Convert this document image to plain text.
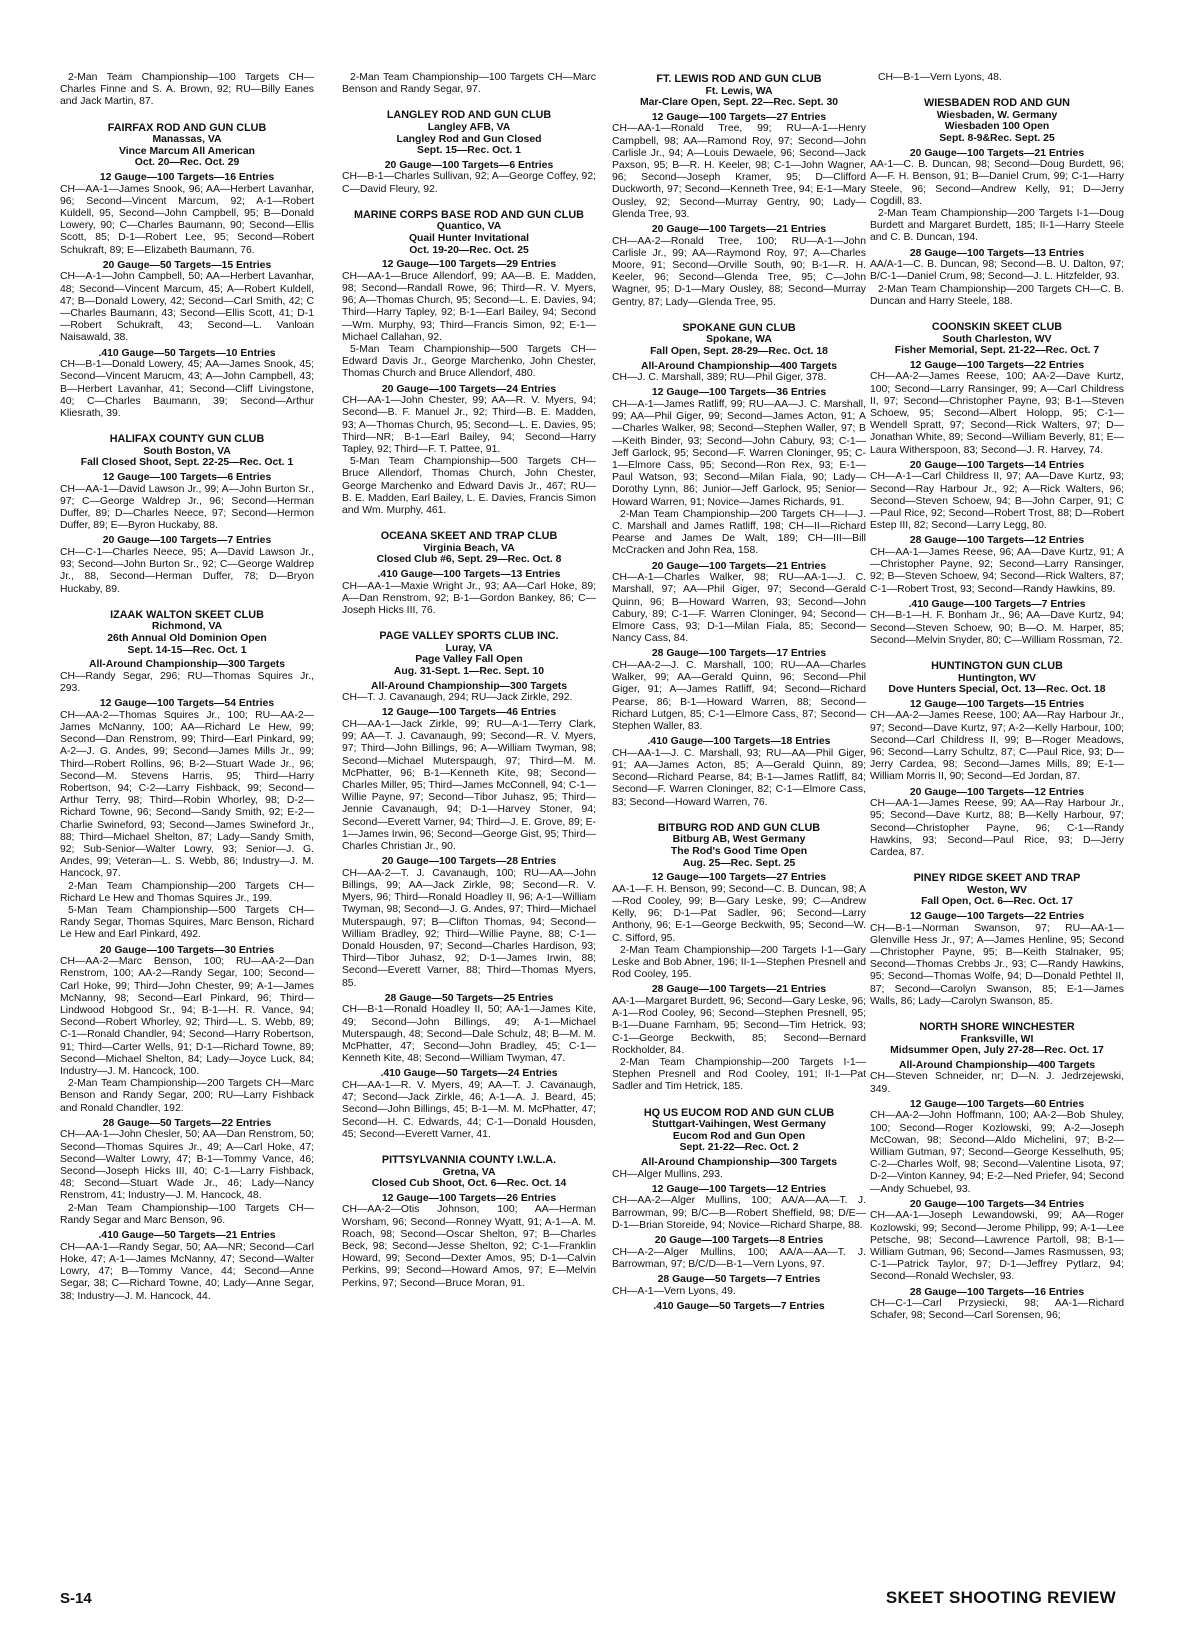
2-Man Team Championship—100 Targets CH—Charles Finne and S. A. Brown, 92; RU—Billy Eanes and Jack Martin, 87.
FAIRFAX ROD AND GUN CLUB
Manassas, VA
Vince Marcum All American
Oct. 20—Rec. Oct. 29
12 Gauge—100 Targets—16 Entries
CH—AA-1—James Snook, 96; AA—Herbert Lavanhar, 96; Second—Vincent Marcum, 92; A-1—Robert Kuldell, 95, Second—John Campbell, 95; B—Donald Lowery, 90; C—Charles Baumann, 90; Second—Ellis Scott, 85; D-1—Robert Lee, 95; Second—Robert Schukraft, 89; E—Elizabeth Baumann, 76.
20 Gauge—50 Targets—15 Entries
CH—A-1—John Campbell, 50; AA—Herbert Lavanhar, 48; Second—Vincent Marcum, 45; A—Robert Kuldell, 47; B—Donald Lowery, 42; Second—Carl Smith, 42; C—Charles Baumann, 43; Second—Ellis Scott, 41; D-1—Robert Schukraft, 43; Second—L. Vanloan Naisawald, 38.
.410 Gauge—50 Targets—10 Entries
CH—B-1—Donald Lowery, 45; AA—James Snook, 45; Second—Vincent Marucm, 43; A—John Campbell, 43; B—Herbert Lavanhar, 41; Second—Cliff Livingstone, 40; C—Charles Baumann, 39; Second—Arthur Kliesrath, 39.
HALIFAX COUNTY GUN CLUB
South Boston, VA
Fall Closed Shoot, Sept. 22-25—Rec. Oct. 1
12 Gauge—100 Targets—6 Entries
CH—AA-1—David Lawson Jr., 99; A—John Burton Sr., 97; C—George Waldrep Jr., 96; Second—Herman Duffer, 89; D—Charles Neece, 97; Second—Hermon Duffer, 89; E—Byron Huckaby, 88.
20 Gauge—100 Targets—7 Entries
CH—C-1—Charles Neece, 95; A—David Lawson Jr., 93; Second—John Burton Sr., 92; C—George Waldrep Jr., 88, Second—Herman Duffer, 78; D—Bryon Huckaby, 89.
IZAAK WALTON SKEET CLUB
Richmond, VA
26th Annual Old Dominion Open
Sept. 14-15—Rec. Oct. 1
All-Around Championship—300 Targets
CH—Randy Segar, 296; RU—Thomas Squires Jr., 293.
12 Gauge—100 Targets—54 Entries
CH—AA-2—Thomas Squires Jr., 100; RU—AA-2—James McNanny, 100; AA—Richard Le Hew, 99; Second—Dan Renstrom, 99; Third—Earl Pinkard, 99; A-2—J. G. Andes, 99; Second—James Mills Jr., 99; Third—Robert Rollins, 96; B-2—Stuart Wade Jr., 96; Second—M. Stevens Harris, 95; Third—Harry Robertson, 94; C-2—Larry Fishback, 99; Second—Arthur Terry, 98; Third—Robin Whorley, 98; D-2—Richard Towne, 96; Second—Sandy Smith, 92; E-2—Charlie Swineford, 93; Second—James Swineford Jr., 88; Third—Michael Shelton, 87; Lady—Sandy Smith, 92; Sub-Senior—Walter Lowry, 93; Senior—J. G. Andes, 99; Veteran—L. S. Webb, 86; Industry—J. M. Hancock, 97.
2-Man Team Championship—200 Targets CH—Richard Le Hew and Thomas Squires Jr., 199.
5-Man Team Championship—500 Targets CH—Randy Segar, Thomas Squires, Marc Benson, Richard Le Hew and Earl Pinkard, 492.
20 Gauge—100 Targets—30 Entries
CH—AA-2—Marc Benson, 100; RU—AA-2—Dan Renstrom, 100; AA-2—Randy Segar, 100; Second—Carl Hoke, 99; Third—John Chester, 99; A-1—James McNanny, 98; Second—Earl Pinkard, 96; Third—Lindwood Hobgood Sr., 94; B-1—H. R. Vance, 94; Second—Robert Whorley, 92; Third—L. S. Webb, 89; C-1—Ronald Chandler, 94; Second—Harry Robertson, 91; Third—Carter Wells, 91; D-1—Richard Towne, 89; Second—Michael Shelton, 84; Lady—Joyce Luck, 84; Industry—J. M. Hancock, 100.
2-Man Team Championship—200 Targets CH—Marc Benson and Randy Segar, 200; RU—Larry Fishback and Ronald Chandler, 192.
28 Gauge—50 Targets—22 Entries
CH—AA-1—John Chesler, 50; AA—Dan Renstrom, 50; Second—Thomas Squires Jr., 49; A—Carl Hoke, 47; Second—Walter Lowry, 47; B-1—Tommy Vance, 46; Second—Joseph Hicks III, 40; C-1—Larry Fishback, 48; Second—Stuart Wade Jr., 46; Lady—Nancy Renstrom, 41; Industry—J. M. Hancock, 48.
2-Man Team Championship—100 Targets CH—Randy Segar and Marc Benson, 96.
.410 Gauge—50 Targets—21 Entries
CH—AA-1—Randy Segar, 50; AA—NR; Second—Carl Hoke, 47; A-1—James McNanny, 47; Second—Walter Lowry, 47; B—Tommy Vance, 44; Second—Anne Segar, 38; C—Richard Towne, 40; Lady—Anne Segar, 38; Industry—J. M. Hancock, 44.
2-Man Team Championship—100 Targets CH—Marc Benson and Randy Segar, 97.
LANGLEY ROD AND GUN CLUB
Langley AFB, VA
Langley Rod and Gun Closed
Sept. 15—Rec. Oct. 1
20 Gauge—100 Targets—6 Entries
CH—B-1—Charles Sullivan, 92; A—George Coffey, 92; C—David Fleury, 92.
MARINE CORPS BASE ROD AND GUN CLUB
Quantico, VA
Quail Hunter Invitational
Oct. 19-20—Rec. Oct. 25
12 Gauge—100 Targets—29 Entries
CH—AA-1—Bruce Allendorf, 99; AA—B. E. Madden, 98; Second—Randall Rowe, 96; Third—R. V. Myers, 96; A—Thomas Church, 95; Second—L. E. Davies, 94; Third—Harry Tapley, 92; B-1—Earl Bailey, 94; Second—Wm. Murphy, 93; Third—Francis Simon, 92; E-1—Michael Callahan, 92.
5-Man Team Championship—500 Targets CH—Edward Davis Jr., George Marchenko, John Chester, Thomas Church and Bruce Allendorf, 480.
20 Gauge—100 Targets—24 Entries
CH—AA-1—John Chester, 99; AA—R. V. Myers, 94; Second—B. F. Manuel Jr., 92; Third—B. E. Madden, 93; A—Thomas Church, 95; Second—L. E. Davies, 95; Third—NR; B-1—Earl Bailey, 94; Second—Harry Tapley, 92; Third—F. T. Pattee, 91.
5-Man Team Championship—500 Targets CH—Bruce Allendorf, Thomas Church, John Chester, George Marchenko and Edward Davis Jr., 467; RU—B. E. Madden, Earl Bailey, L. E. Davies, Francis Simon and Wm. Murphy, 461.
OCEANA SKEET AND TRAP CLUB
Virginia Beach, VA
Closed Club #6, Sept. 29—Rec. Oct. 8
.410 Gauge—100 Targets—13 Entries
CH—AA-1—Maxie Wright Jr., 93; AA—Carl Hoke, 89; A—Dan Renstrom, 92; B-1—Gordon Bankey, 86; C—Joseph Hicks III, 76.
PAGE VALLEY SPORTS CLUB INC.
Luray, VA
Page Valley Fall Open
Aug. 31-Sept. 1—Rec. Sept. 10
All-Around Championship—300 Targets
CH—T. J. Cavanaugh, 294; RU—Jack Zirkle, 292.
12 Gauge—100 Targets—46 Entries
CH—AA-1—Jack Zirkle, 99; RU—A-1—Terry Clark, 99; AA—T. J. Cavanaugh, 99; Second—R. V. Myers, 97; Third—John Billings, 96; A—William Twyman, 98; Second—Michael Muterspaugh, 97; Third—M. M. McPhatter, 96; B-1—Kenneth Kite, 98; Second—Charles Miller, 95; Third—James McConnell, 94; C-1—Willie Payne, 97; Second—Tibor Juhasz, 95; Third—Jennie Cavanaugh, 94; D-1—Harvey Stoner, 94; Second—Everett Varner, 94; Third—J. E. Grove, 89; E-1—James Irwin, 96; Second—George Gist, 95; Third—Charles Christian Jr., 90.
20 Gauge—100 Targets—28 Entries
CH—AA-2—T. J. Cavanaugh, 100; RU—AA—John Billings, 99; AA—Jack Zirkle, 98; Second—R. V. Myers, 96; Third—Ronald Hoadley II, 96; A-1—William Twyman, 98; Second—J. G. Andes, 97; Third—Michael Muterspaugh, 97; B—Clifton Thomas, 94; Second—William Bradley, 92; Third—Willie Payne, 88; C-1—Donald Housden, 97; Second—Charles Hardison, 93; Third—Tibor Juhasz, 92; D-1—James Irwin, 88; Second—Everett Varner, 88; Third—Thomas Myers, 85.
28 Gauge—50 Targets—25 Entries
CH—B-1—Ronald Hoadley II, 50; AA-1—James Kite, 49; Second—John Billings, 49; A-1—Michael Muterspaugh, 48; Second—Dale Schulz, 48; B—M. M. McPhatter, 47; Second—John Bradley, 45; C-1—Kenneth Kite, 48; Second—William Twyman, 47.
.410 Gauge—50 Targets—24 Entries
CH—AA-1—R. V. Myers, 49; AA—T. J. Cavanaugh, 47; Second—Jack Zirkle, 46; A-1—A. J. Beard, 45; Second—John Billings, 45; B-1—M. M. McPhatter, 47; Second—H. C. Edwards, 44; C-1—Donald Housden, 45; Second—Everett Varner, 41.
PITTSYLVANNIA COUNTY I.W.L.A.
Gretna, VA
Closed Cub Shoot, Oct. 6—Rec. Oct. 14
12 Gauge—100 Targets—26 Entries
CH—AA-2—Otis Johnson, 100; AA—Herman Worsham, 96; Second—Ronney Wyatt, 91; A-1—A. M. Roach, 98; Second—Oscar Shelton, 97; B—Charles Beck, 98; Second—Jesse Shelton, 92; C-1—Franklin Howard, 99; Second—Dexter Amos, 95; D-1—Calvin Perkins, 99; Second—Howard Amos, 97; E—Melvin Perkins, 97; Second—Bruce Moran, 91.
FT. LEWIS ROD AND GUN CLUB
Ft. Lewis, WA
Mar-Clare Open, Sept. 22—Rec. Sept. 30
12 Gauge—100 Targets—27 Entries
CH—AA-1—Ronald Tree, 99; RU—A-1—Henry Campbell, 98; AA—Ramond Roy, 97; Second—John Carlisle Jr., 94; A—Louis Dewaele, 96; Second—Jack Paxson, 95; B—R. H. Keeler, 98; C-1—John Wagner, 96; Second—Joseph Kramer, 95; D—Clifford Duckworth, 97; Second—Kenneth Tree, 94; E-1—Mary Ousley, 92; Second—Murray Gentry, 90; Lady—Glenda Tree, 93.
20 Gauge—100 Targets—21 Entries
CH—AA-2—Ronald Tree, 100; RU—A-1—John Carlisle Jr., 99; AA—Raymond Roy, 97; A—Charles Moore, 91; Second—Orville South, 90; B-1—R. H. Keeler, 96; Second—Glenda Tree, 95; C—John Wagner, 95; D-1—Mary Ousley, 88; Second—Murray Gentry, 87; Lady—Glenda Tree, 95.
SPOKANE GUN CLUB
Spokane, WA
Fall Open, Sept. 28-29—Rec. Oct. 18
All-Around Championship—400 Targets
CH—J. C. Marshall, 389; RU—Phil Giger, 378.
12 Gauge—100 Targets—36 Entries
CH—A-1—James Ratliff, 99; RU—AA—J. C. Marshall, 99; AA—Phil Giger, 99; Second—James Acton, 91; A—Charles Walker, 98; Second—Stephen Waller, 97; B—Keith Binder, 93; Second—John Cabury, 93; C-1—Jeff Garlock, 95; Second—F. Warren Cloninger, 95; C-1—Elmore Cass, 95; Second—Ron Rex, 93; E-1—Paul Watson, 93; Second—Milan Fiala, 90; Lady—Dorothy Lynn, 86; Junior—Jeff Garlock, 95; Senior—Howard Warren, 91; Novice—James Richards, 91.
2-Man Team Championship—200 Targets CH—I—J. C. Marshall and James Ratliff, 198; CH—II—Richard Pearse and James De Walt, 189; CH—III—Bill McCracken and John Rea, 158.
20 Gauge—100 Targets—21 Entries
CH—A-1—Charles Walker, 98; RU—AA-1—J. C. Marshall, 97; AA—Phil Giger, 97; Second—Gerald Quinn, 96; B—Howard Warren, 93; Second—John Cabury, 89; C-1—F. Warren Cloninger, 94; Second—Elmore Cass, 93; D-1—Milan Fiala, 85; Second—Nancy Cass, 84.
28 Gauge—100 Targets—17 Entries
CH—AA-2—J. C. Marshall, 100; RU—AA—Charles Walker, 99; AA—Gerald Quinn, 96; Second—Phil Giger, 91; A—James Ratliff, 94; Second—Richard Pearse, 86; B-1—Howard Warren, 88; Second—Richard Lutgen, 85; C-1—Elmore Cass, 87; Second—Stephen Waller, 83.
.410 Gauge—100 Targets—18 Entries
CH—AA-1—J. C. Marshall, 93; RU—AA—Phil Giger, 91; AA—James Acton, 85; A—Gerald Quinn, 89; Second—Richard Pearse, 84; B-1—James Ratliff, 84; Second—F. Warren Cloninger, 82; C-1—Elmore Cass, 83; Second—Howard Warren, 76.
BITBURG ROD AND GUN CLUB
Bitburg AB, West Germany
The Rod's Good Time Open
Aug. 25—Rec. Sept. 25
12 Gauge—100 Targets—27 Entries
AA-1—F. H. Benson, 99; Second—C. B. Duncan, 98; A—Rod Cooley, 99; B—Gary Leske, 99; C—Andrew Kelly, 96; D-1—Pat Sadler, 96; Second—Larry Anthony, 96; E-1—George Beckwith, 95; Second—W. C. Sifford, 95.
2-Man Team Championship—200 Targets I-1—Gary Leske and Bob Abner, 196; II-1—Stephen Presnell and Rod Cooley, 195.
28 Gauge—100 Targets—21 Entries
AA-1—Margaret Burdett, 96; Second—Gary Leske, 96; A-1—Rod Cooley, 96; Second—Stephen Presnell, 95; B-1—Duane Farnham, 95; Second—Tim Hetrick, 93; C-1—George Beckwith, 85; Second—Bernard Rockholder, 84.
2-Man Team Championship—200 Targets I-1—Stephen Presnell and Rod Cooley, 191; II-1—Pat Sadler and Tim Hetrick, 185.
HQ US EUCOM ROD AND GUN CLUB
Stuttgart-Vaihingen, West Germany
Eucom Rod and Gun Open
Sept. 21-22—Rec. Oct. 2
All-Around Championship—300 Targets
CH—Alger Mullins, 293.
12 Gauge—100 Targets—12 Entries
CH—AA-2—Alger Mullins, 100; AA/A—AA—T. J. Barrowman, 99; B/C—B—Robert Sheffield, 98; D/E—D-1—Brian Storeide, 94; Novice—Richard Sharpe, 88.
20 Gauge—100 Targets—8 Entries
CH—A-2—Alger Mullins, 100; AA/A—AA—T. J. Barrowman, 97; B/C/D—B-1—Vern Lyons, 97.
28 Gauge—50 Targets—7 Entries
CH—A-1—Vern Lyons, 49.
.410 Gauge—50 Targets—7 Entries
CH—B-1—Vern Lyons, 48.
WIESBADEN ROD AND GUN
Wiesbaden, W. Germany
Wiesbaden 100 Open
Sept. 8-9&Rec. Sept. 25
20 Gauge—100 Targets—21 Entries
AA-1—C. B. Duncan, 98; Second—Doug Burdett, 96; A—F. H. Benson, 91; B—Daniel Crum, 99; C-1—Harry Steele, 96; Second—Andrew Kelly, 91; D—Jerry Cogdill, 83.
2-Man Team Championship—200 Targets I-1—Doug Burdett and Margaret Burdett, 185; II-1—Harry Steele and C. B. Duncan, 194.
28 Gauge—100 Targets—13 Entries
AA/A-1—C. B. Duncan, 98; Second—B. U. Dalton, 97; B/C-1—Daniel Crum, 98; Second—J. L. Hitzfelder, 93.
2-Man Team Championship—200 Targets CH—C. B. Duncan and Harry Steele, 188.
COONSKIN SKEET CLUB
South Charleston, WV
Fisher Memorial, Sept. 21-22—Rec. Oct. 7
12 Gauge—100 Targets—22 Entries
CH—AA-2—James Reese, 100; AA-2—Dave Kurtz, 100; Second—Larry Ransinger, 99; A—Carl Childress II, 97; Second—Christopher Payne, 93; B-1—Steven Schoew, 95; Second—Albert Holopp, 95; C-1—Wendell Spratt, 97; Second—Rick Walters, 97; D—Jonathan White, 89; Second—William Beverly, 81; E—Laura Witherspoon, 83; Second—J. R. Harvey, 74.
20 Gauge—100 Targets—14 Entries
CH—A-1—Carl Childress II, 97; AA—Dave Kurtz, 93; Second—Ray Harbour Jr., 92; A—Rick Walters, 96; Second—Steven Schoew, 94; B—John Carper, 91; C—Paul Rice, 92; Second—Robert Trost, 88; D—Robert Estep III, 82; Second—Larry Legg, 80.
28 Gauge—100 Targets—12 Entries
CH—AA-1—James Reese, 96; AA—Dave Kurtz, 91; A—Christopher Payne, 92; Second—Larry Ransinger, 92; B—Steven Schoew, 94; Second—Rick Walters, 87; C-1—Robert Trost, 93; Second—Randy Hawkins, 89.
.410 Gauge—100 Targets—7 Entries
CH—B-1—H. F. Bonham Jr., 96; AA—Dave Kurtz, 94; Second—Steven Schoew, 90; B—O. M. Harper, 85; Second—Melvin Snyder, 80; C—William Rossman, 72.
HUNTINGTON GUN CLUB
Huntington, WV
Dove Hunters Special, Oct. 13—Rec. Oct. 18
12 Gauge—100 Targets—15 Entries
CH—AA-2—James Reese, 100; AA—Ray Harbour Jr., 97; Second—Dave Kurtz, 97; A-2—Kelly Harbour, 100; Second—Carl Childress II, 99; B—Roger Meadows, 96; Second—Larry Schultz, 87; C—Paul Rice, 93; D—Jerry Cardea, 98; Second—James Mills, 89; E-1—William Morris II, 90; Second—Ed Jordan, 87.
20 Gauge—100 Targets—12 Entries
CH—AA-1—James Reese, 99; AA—Ray Harbour Jr., 95; Second—Dave Kurtz, 88; B—Kelly Harbour, 97; Second—Christopher Payne, 96; C-1—Randy Hawkins, 93; Second—Paul Rice, 93; D—Jerry Cardea, 87.
PINEY RIDGE SKEET AND TRAP
Weston, WV
Fall Open, Oct. 6—Rec. Oct. 17
12 Gauge—100 Targets—22 Entries
CH—B-1—Norman Swanson, 97; RU—AA-1—Glenville Hess Jr., 97; A—James Henline, 95; Second—Christopher Payne, 95; B—Keith Stalnaker, 95; Second—Thomas Crebbs Jr., 93; C—Randy Hawkins, 95; Second—Thomas Wolfe, 94; D—Donald Pethtel II, 87; Second—Carolyn Swanson, 85; E-1—James Walls, 86; Lady—Carolyn Swanson, 85.
NORTH SHORE WINCHESTER
Franksville, WI
Midsummer Open, July 27-28—Rec. Oct. 17
All-Around Championship—400 Targets
CH—Steven Schneider, nr; D—N. J. Jedrzejewski, 349.
12 Gauge—100 Targets—60 Entries
CH—AA-2—John Hoffmann, 100; AA-2—Bob Shuley, 100; Second—Roger Kozlowski, 99; A-2—Joseph McCowan, 98; Second—Aldo Michelini, 97; B-2—William Gutman, 97; Second—George Kesselhuth, 95; C-2—Charles Wolf, 98; Second—Valentine Lisota, 97; D-2—Vinton Kanney, 94; E-2—Ned Priefer, 94; Second—Andy Schuebel, 93.
20 Gauge—100 Targets—34 Entries
CH—AA-1—Joseph Lewandowski, 99; AA—Roger Kozlowski, 99; Second—Jerome Philipp, 99; A-1—Lee Petsche, 98; Second—Lawrence Partoll, 98; B-1—William Gutman, 96; Second—James Rasmussen, 93; C-1—Patrick Taylor, 97; D-1—Jeffrey Pytlarz, 94; Second—Ronald Wechsler, 93.
28 Gauge—100 Targets—16 Entries
CH—C-1—Carl Przysiecki, 98; AA-1—Richard Schafer, 98; Second—Carl Sorensen, 96;
S-14	SKEET SHOOTING REVIEW
